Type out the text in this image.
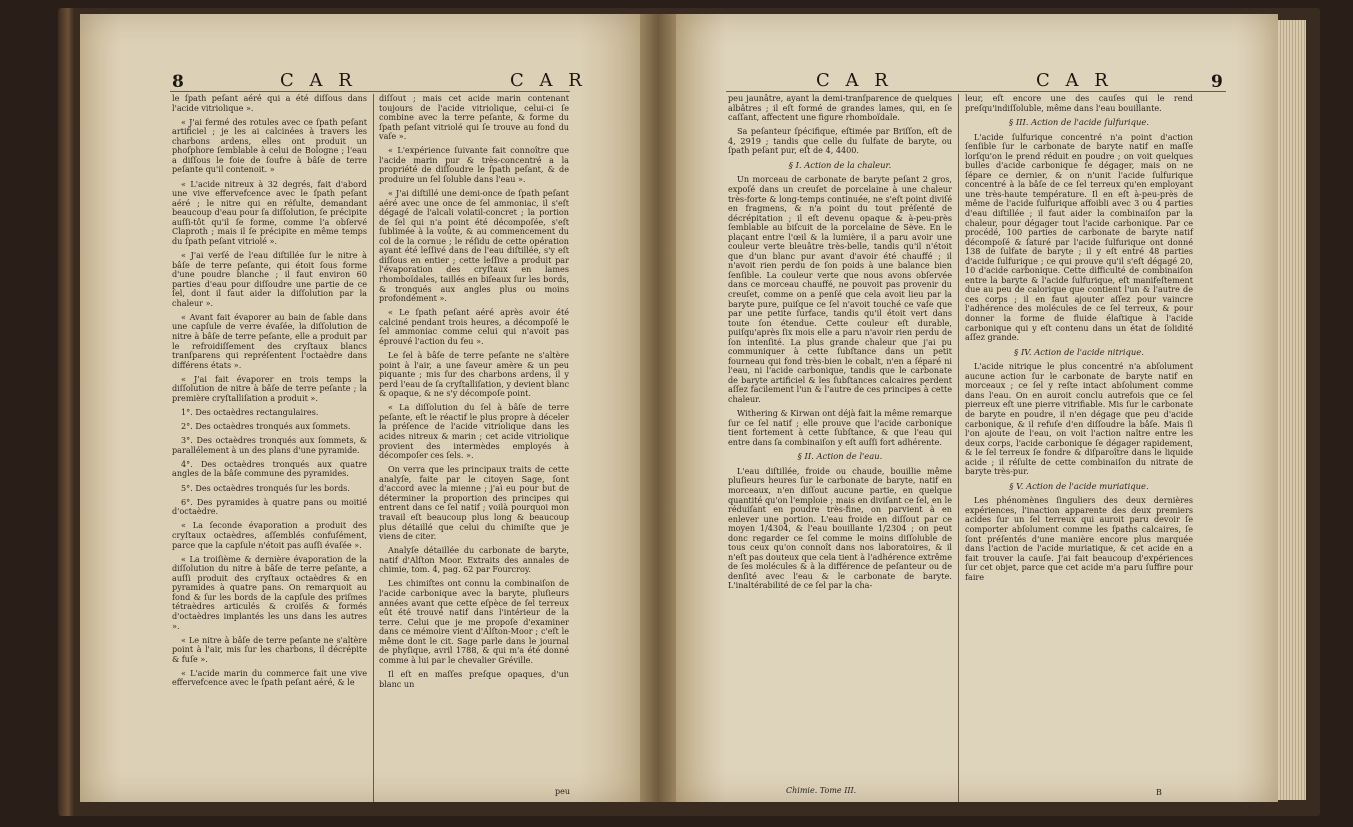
8	C A R	C A R

le ſpath peſant aéré qui a été diſſous dans l'acide vitriolique ».

« J'ai fermé des rotules avec ce ſpath peſant artificiel ; je les ai calcinées à travers les charbons ardens, elles ont produit un phoſphore ſemblable à celui de Bologne ; l'eau a diſſous le foie de ſoufre à bâſe de terre peſante qu'il contenoit. »

« L'acide nitreux à 32 degrés, fait d'abord une vive effervefcence avec le ſpath peſant aéré ; le nitre qui en réſulte, demandant beaucoup d'eau pour ſa diſſolution, ſe précipite auſſi-tôt qu'il ſe forme, comme l'a obſervé Claproth ; mais il ſe précipite en même temps du ſpath peſant vitriolé ».

« J'ai verſé de l'eau diſtillée ſur le nitre à bâſe de terre peſante, qui étoit ſous forme d'une poudre blanche ; il faut environ 60 parties d'eau pour diſſoudre une partie de ce ſel, dont il faut aider la diſſolution par la chaleur ».

« Avant fait évaporer au bain de ſable dans une capſule de verre évaſée, la diſſolution de nitre à bâſe de terre peſante, elle a produit par le refroidiſſement des cryſtaux blancs tranſparens qui repréſentent l'octaèdre dans différens états ».

« J'ai fait évaporer en trois temps la diſſolution de nitre à bâſe de terre peſante ; la première cryſtalliſation a produit ».

1°. Des octaèdres rectangulaires.

2°. Des octaèdres tronqués aux ſommets.

3°. Des octaèdres tronqués aux ſommets, & parallélement à un des plans d'une pyramide.

4°. Des octaèdres tronqués aux quatre angles de la bâſe commune des pyramides.

5°. Des octaèdres tronqués ſur les bords.

6°. Des pyramides à quatre pans ou moitié d'octaèdre.

« La ſeconde évaporation a produit des cryſtaux octaèdres, aſſemblés confuſément, parce que la capſule n'étoit pas auſſi évaſée ».

« La troiſième & dernière évaporation de la diſſolution du nitre à bâſe de terre peſante, a auſſi produit des cryſtaux octaèdres & en pyramides à quatre pans. On remarquoit au fond & ſur les bords de la capſule des priſmes tétraèdres articulés & croiſés & formés d'octaèdres implantés les uns dans les autres ».

« Le nitre à bâſe de terre peſante ne s'altère point à l'air, mis ſur les charbons, il décrépite & fuſe ».

« L'acide marin du commerce fait une vive effervefcence avec le ſpath peſant aéré, & le

diſſout ; mais cet acide marin contenant toujours de l'acide vitriolique, celui-ci ſe combine avec la terre peſante, & forme du ſpath peſant vitriolé qui ſe trouve au fond du vaſe ».

« L'expérience ſuivante fait connoître que l'acide marin pur & très-concentré a la propriété de diſſoudre le ſpath peſant, & de produire un ſel ſoluble dans l'eau ».

« J'ai diſtillé une demi-once de ſpath peſant aéré avec une once de ſel ammoniac, il s'eſt dégagé de l'alcali volatil-concret ; la portion de ſel qui n'a point été décompoſée, s'eſt ſublimée à la voûte, & au commencement du col de la cornue ; le réſidu de cette opération ayant été leſſivé dans de l'eau diſtillée, s'y eſt diſſous en entier ; cette leſſive a produit par l'évaporation des cryſtaux en lames rhomboïdales, taillés en biſeaux ſur les bords, & tronqués aux angles plus ou moins profondément ».

« Le ſpath peſant aéré après avoir été calciné pendant trois heures, a décompoſé le ſel ammoniac comme celui qui n'avoit pas éprouvé l'action du feu ».

Le ſel à bâſe de terre peſante ne s'altère point à l'air, a une ſaveur amère & un peu piquante ; mis ſur des charbons ardens, il y perd l'eau de ſa cryſtalliſation, y devient blanc & opaque, & ne s'y décompoſe point.

« La diſſolution du ſel à bâſe de terre peſante, eſt le réactif le plus propre à déceler la préſence de l'acide vitriolique dans les acides nitreux & marin ; cet acide vitriolique provient des intermèdes employés à décompoſer ces ſels. ».

On verra que les principaux traits de cette analyſe, faite par le citoyen Sage, ſont d'accord avec la mienne ; j'ai eu pour but de déterminer la proportion des principes qui entrent dans ce ſel natif ; voilà pourquoi mon travail eſt beaucoup plus long & beaucoup plus détaillé que celui du chimiſte que je viens de citer.

Analyſe détaillée du carbonate de baryte, natif d'Alſton Moor. Extraits des annales de chimie, tom. 4, pag. 62 par Fourcroy.

Les chimiſtes ont connu la combinaiſon de l'acide carbonique avec la baryte, pluſieurs années avant que cette eſpèce de ſel terreux eût été trouvé natif dans l'intérieur de la terre. Celui que je me propoſe d'examiner dans ce mémoire vient d'Alſton-Moor ; c'eſt le même dont le cit. Sage parle dans le journal de phyſique, avril 1788, & qui m'a été donné comme à lui par le chevalier Gréville.

Il eſt en maſſes preſque opaques, d'un blanc un

peu
C A R	C A R	9

peu jaunâtre, ayant la demi-tranſparence de quelques albâtres ; il eſt formé de grandes lames, qui, en ſe caſſant, affectent une figure rhomboïdale.

Sa peſanteur ſpécifique, eſtimée par Briſſon, eſt de 4, 2919 ; tandis que celle du ſulfate de baryte, ou ſpath peſant pur, eſt de 4, 4400.

§ I. Action de la chaleur.

Un morceau de carbonate de baryte peſant 2 gros, expoſé dans un creuſet de porcelaine à une chaleur très-forte & long-temps continuée, ne s'eſt point diviſé en fragmens, & n'a point du tout préſenté de décrépitation ; il eſt devenu opaque & à-peu-près ſemblable au biſcuit de la porcelaine de Sève. En le plaçant entre l'œil & la lumière, il a paru avoir une couleur verte bleuâtre très-belle, tandis qu'il n'étoit que d'un blanc pur avant d'avoir été chauffé ; il n'avoit rien perdu de ſon poids à une balance bien ſenſible. La couleur verte que nous avons obſervée dans ce morceau chauffé, ne pouvoit pas provenir du creuſet, comme on a penſé que cela avoit lieu par la baryte pure, puiſque ce ſel n'avoit touché ce vaſe que par une petite ſurface, tandis qu'il étoit vert dans toute ſon étendue. Cette couleur eſt durable, puiſqu'après ſix mois elle a paru n'avoir rien perdu de ſon intenſité. La plus grande chaleur que j'ai pu communiquer à cette ſubſtance dans un petit fourneau qui fond très-bien le cobalt, n'en a ſéparé ni l'eau, ni l'acide carbonique, tandis que le carbonate de baryte artificiel & les ſubſtances calcaires perdent aſſez facilement l'un & l'autre de ces principes à cette chaleur.

Withering & Kirwan ont déjà fait la même remarque ſur ce ſel natif ; elle prouve que l'acide carbonique tient fortement à cette ſubſtance, & que l'eau qui entre dans ſa combinaiſon y eſt auſſi fort adhérente.

§ II. Action de l'eau.

L'eau diſtillée, froide ou chaude, bouillie même pluſieurs heures ſur le carbonate de baryte, natif en morceaux, n'en diſſout aucune partie, en quelque quantité qu'on l'emploie ; mais en diviſant ce ſel, en le réduiſant en poudre très-fine, on parvient à en enlever une portion. L'eau froide en diſſout par ce moyen 1/4304, & l'eau bouillante 1/2304 ; on peut donc regarder ce ſel comme le moins diſſoluble de tous ceux qu'on connoît dans nos laboratoires, & il n'eſt pas douteux que cela tient à l'adhérence extrême de ſes molécules & à la différence de peſanteur ou de denſité avec l'eau & le carbonate de baryte. L'inaltérabilité de ce ſel par la cha-

leur, eſt encore une des cauſes qui le rend preſqu'indiſſoluble, même dans l'eau bouillante.

§ III. Action de l'acide ſulfurique.

L'acide ſulfurique concentré n'a point d'action ſenſible ſur le carbonate de baryte natif en maſſe lorſqu'on le prend réduit en poudre ; on voit quelques bulles d'acide carbonique ſe dégager, mais on ne ſépare ce dernier, & on n'unit l'acide ſulfurique concentré à la bâſe de ce ſel terreux qu'en employant une très-haute température. Il en eſt à-peu-près de même de l'acide ſulfurique affoibli avec 3 ou 4 parties d'eau diſtillée ; il faut aider la combinaiſon par la chaleur, pour dégager tout l'acide carbonique. Par ce procédé, 100 parties de carbonate de baryte natif décompoſé & ſaturé par l'acide ſulfurique ont donné 138 de ſulfate de baryte ; il y eſt entré 48 parties d'acide ſulfurique ; ce qui prouve qu'il s'eſt dégagé 20, 10 d'acide carbonique. Cette difficulté de combinaiſon entre la baryte & l'acide ſulfurique, eſt manifeſtement due au peu de calorique que contient l'un & l'autre de ces corps ; il en faut ajouter aſſez pour vaincre l'adhérence des molécules de ce ſel terreux, & pour donner la forme de fluide élaſtique à l'acide carbonique qui y eſt contenu dans un état de ſolidité aſſez grande.

§ IV. Action de l'acide nitrique.

L'acide nitrique le plus concentré n'a abſolument aucune action ſur le carbonate de baryte natif en morceaux ; ce ſel y reſte intact abſolument comme dans l'eau. On en auroit conclu autrefois que ce ſel pierreux eſt une pierre vitrifiable. Mis ſur le carbonate de baryte en poudre, il n'en dégage que peu d'acide carbonique, & il refuſe d'en diſſoudre la bâſe. Mais ſi l'on ajoute de l'eau, on voit l'action naître entre les deux corps, l'acide carbonique ſe dégager rapidement, & le ſel terreux ſe fondre & diſparoître dans le liquide acide ; il réſulte de cette combinaiſon du nitrate de baryte très-pur.

§ V. Action de l'acide muriatique.

Les phénomènes ſinguliers des deux dernières expériences, l'inaction apparente des deux premiers acides ſur un ſel terreux qui auroit paru devoir ſe comporter abſolument comme les ſpaths calcaires, ſe ſont préſentés d'une manière encore plus marquée dans l'action de l'acide muriatique, & cet acide en a fait trouver la cauſe. J'ai fait beaucoup d'expériences ſur cet objet, parce que cet acide m'a paru ſuffire pour faire

Chimie. Tome III.	B
